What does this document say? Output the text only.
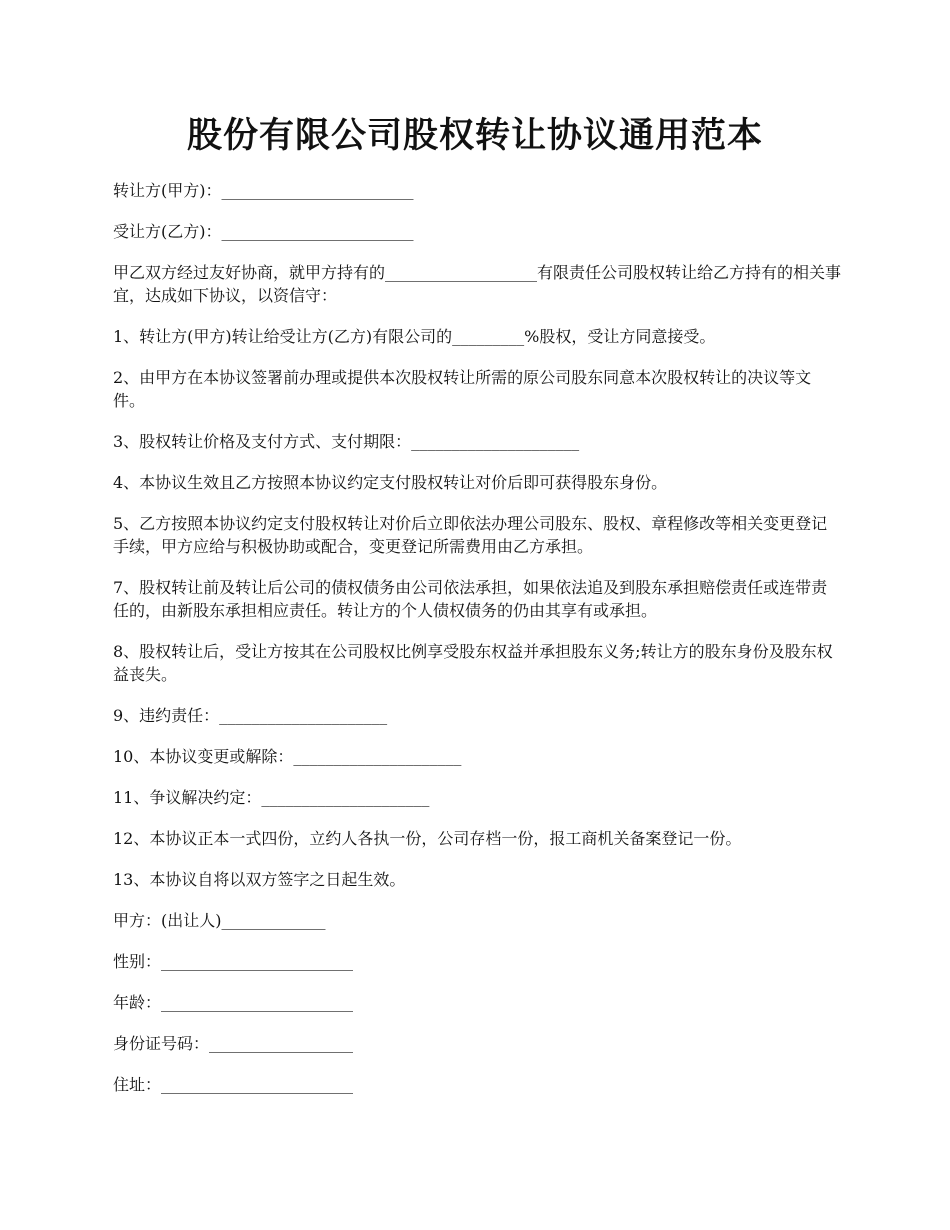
股份有限公司股权转让协议通用范本

转让方(甲方)：________________________

受让方(乙方)：________________________

甲乙双方经过友好协商，就甲方持有的___________________有限责任公司股权转让给乙方持有的相关事宜，达成如下协议，以资信守：

1、转让方(甲方)转让给受让方(乙方)有限公司的_________%股权，受让方同意接受。

2、由甲方在本协议签署前办理或提供本次股权转让所需的原公司股东同意本次股权转让的决议等文件。

3、股权转让价格及支付方式、支付期限：_____________________

4、本协议生效且乙方按照本协议约定支付股权转让对价后即可获得股东身份。

5、乙方按照本协议约定支付股权转让对价后立即依法办理公司股东、股权、章程修改等相关变更登记手续，甲方应给与积极协助或配合，变更登记所需费用由乙方承担。

7、股权转让前及转让后公司的债权债务由公司依法承担，如果依法追及到股东承担赔偿责任或连带责任的，由新股东承担相应责任。转让方的个人债权债务的仍由其享有或承担。

8、股权转让后，受让方按其在公司股权比例享受股东权益并承担股东义务;转让方的股东身份及股东权益丧失。

9、违约责任：_____________________

10、本协议变更或解除：_____________________

11、争议解决约定：_____________________

12、本协议正本一式四份，立约人各执一份，公司存档一份，报工商机关备案登记一份。

13、本协议自将以双方签字之日起生效。

甲方：(出让人)_____________

性别：________________________

年龄：________________________

身份证号码：__________________

住址：________________________
